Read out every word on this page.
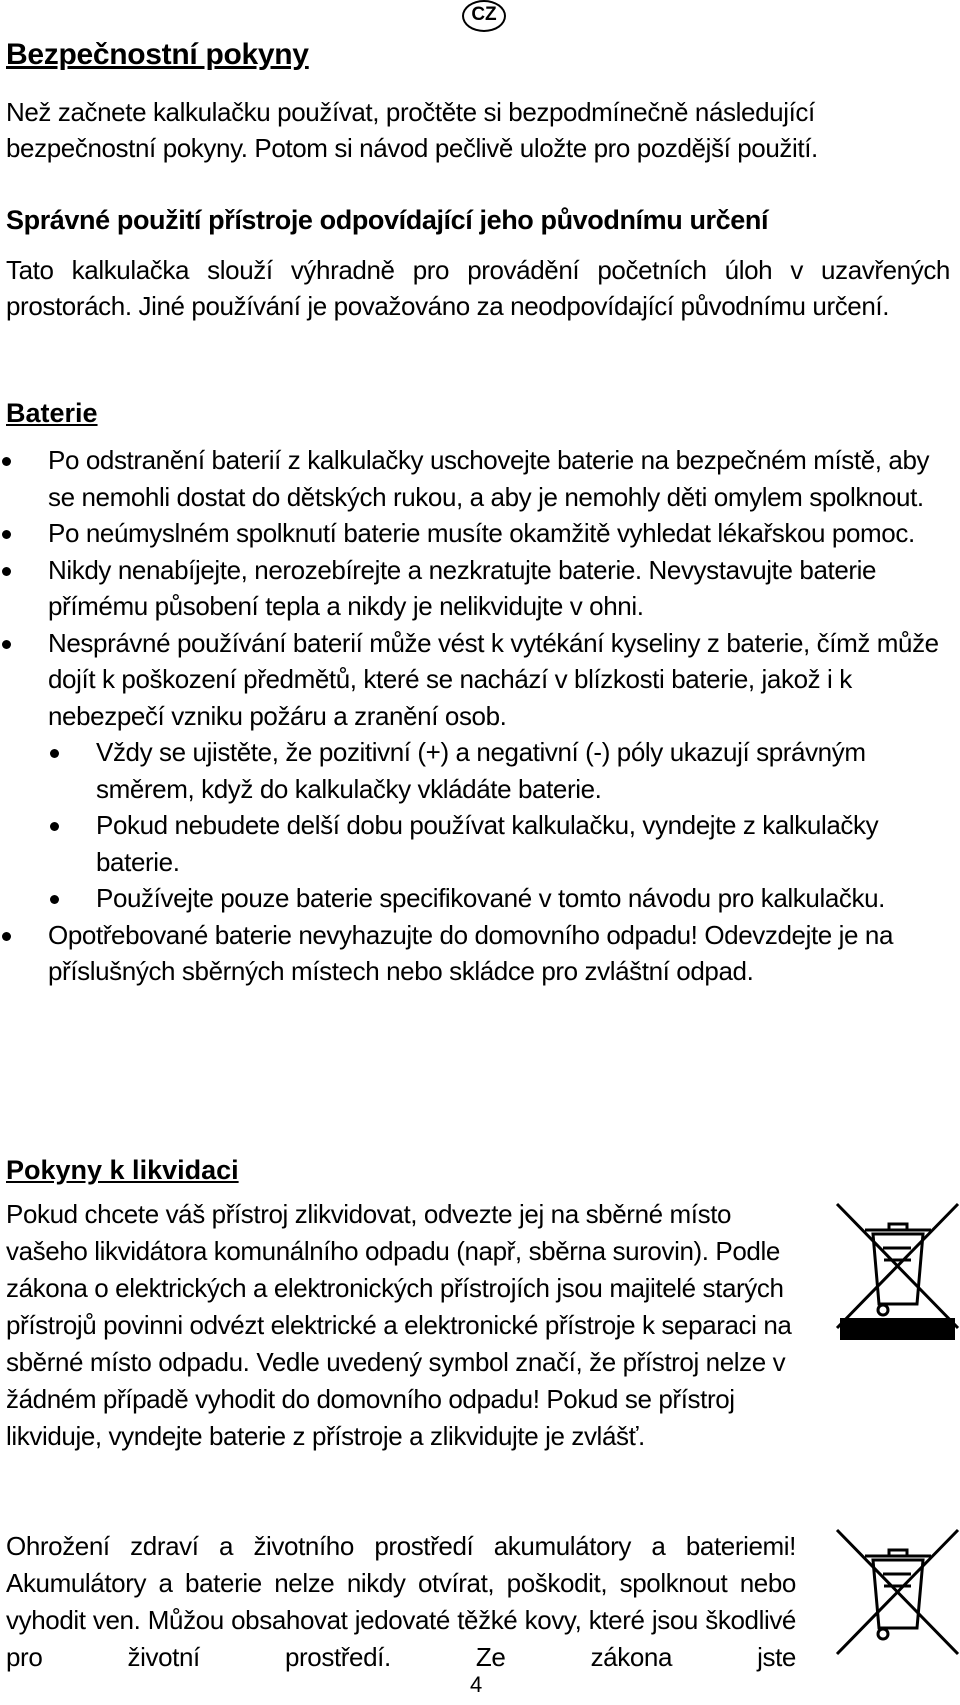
CZ
Bezpečnostní pokyny

Než začnete kalkulačku používat, pročtěte si bezpodmínečně následující bezpečnostní pokyny. Potom si návod pečlivě uložte pro pozdější použití.

Správné použití přístroje odpovídající jeho původnímu určení

Tato kalkulačka slouží výhradně pro provádění početních úloh v uzavřených prostorách. Jiné používání je považováno za neodpovídající původnímu určení.

Baterie
Po odstranění baterií z kalkulačky uschovejte baterie na bezpečném místě, aby se nemohli dostat do dětských rukou, a aby je nemohly děti omylem spolknout.
Po neúmyslném spolknutí baterie musíte okamžitě vyhledat lékařskou pomoc.
Nikdy nenabíjejte, nerozebírejte a nezkratujte baterie. Nevystavujte baterie přímému působení tepla a nikdy je nelikvidujte v ohni.
Nesprávné používání baterií může vést k vytékání kyseliny z baterie, čímž může dojít k poškození předmětů, které se nachází v blízkosti baterie, jakož i k nebezpečí vzniku požáru a zranění osob.
Vždy se ujistěte, že pozitivní (+) a negativní (-) póly ukazují správným směrem, když do kalkulačky vkládáte baterie.
Pokud nebudete delší dobu používat kalkulačku, vyndejte z kalkulačky baterie.
Používejte pouze baterie specifikované v tomto návodu pro kalkulačku.
Opotřebované baterie nevyhazujte do domovního odpadu! Odevzdejte je na příslušných sběrných místech nebo skládce pro zvláštní odpad.
Pokyny k likvidaci

Pokud chcete váš přístroj zlikvidovat, odvezte jej na sběrné místo vašeho likvidátora komunálního odpadu (např, sběrna surovin). Podle zákona o elektrických a elektronických přístrojích jsou majitelé starých přístrojů povinni odvézt elektrické a elektronické přístroje k separaci na sběrné místo odpadu. Vedle uvedený symbol značí, že přístroj nelze v žádném případě vyhodit do domovního odpadu! Pokud se přístroj likviduje, vyndejte baterie z přístroje a zlikvidujte je zvlášť.

Ohrožení zdraví a životního prostředí akumulátory a bateriemi! Akumulátory a baterie nelze nikdy otvírat, poškodit, spolknout nebo vyhodit ven. Můžou obsahovat jedovaté těžké kovy, které jsou škodlivé pro životní prostředí. Ze zákona jste

4
